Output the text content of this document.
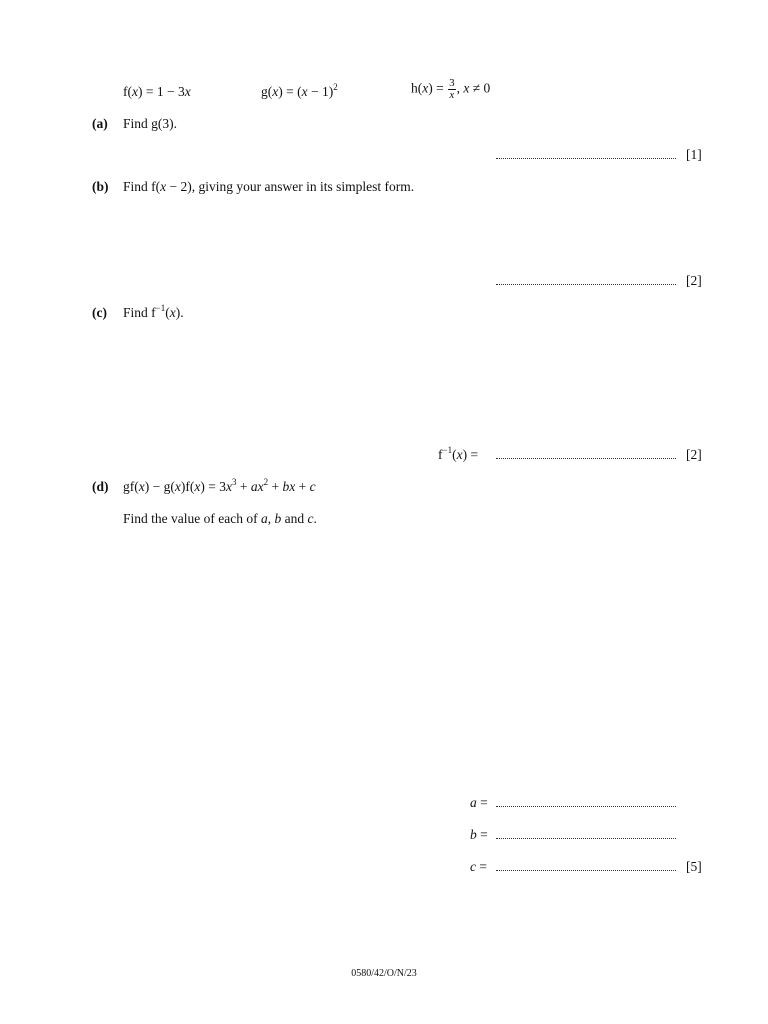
f(x) = 1 − 3x	$g(x) = (x - 1)^2$	$h(x) = \frac{3}{x}$ , x ≠ 0
(a) Find g(3).
[1]
(b) Find f(x − 2), giving your answer in its simplest form.
[2]
(c) Find $f^{-1}(x)$.
$f^{-1}(x)$ =	[2]
(d) $gf(x) - g(x)f(x) = 3x^3 + ax^2$ + bx + c
Find the value of each of a, b and c.
a =
b =
c =	[5]
0580/42/O/N/23
